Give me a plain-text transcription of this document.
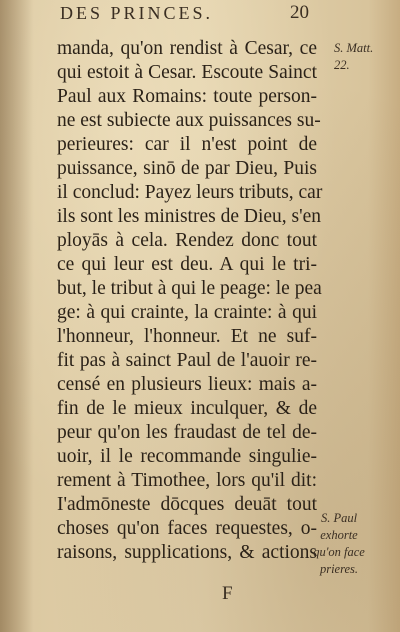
DES PRINCES.	20
manda, qu'on rendist à Cesar, ce
qui estoit à Cesar. Escoute Sainct
Paul aux Romains: toute person-
ne est subiecte aux puissances su-
perieures: car il n'est point de
puissance, sinō de par Dieu, Puis
il conclud: Payez leurs tributs, car
ils sont les ministres de Dieu, s'en
ployās à cela. Rendez donc tout
ce qui leur est deu. A qui le tri-
but, le tribut à qui le peage: le pea
ge: à qui crainte, la crainte: à qui
l'honneur, l'honneur. Et ne suf-
fit pas à sainct Paul de l'auoir re-
censé en plusieurs lieux: mais a-
fin de le mieux inculquer, & de
peur qu'on les fraudast de tel de-
uoir, il le recommande singulie-
rement à Timothee, lors qu'il dit:
I'admōneste dōcques deuāt tout
choses qu'on faces requestes, o-
raisons, supplications, & actions
S. Matt.
22.
S. Paul
exhorte
qu'on face
prieres.
F
